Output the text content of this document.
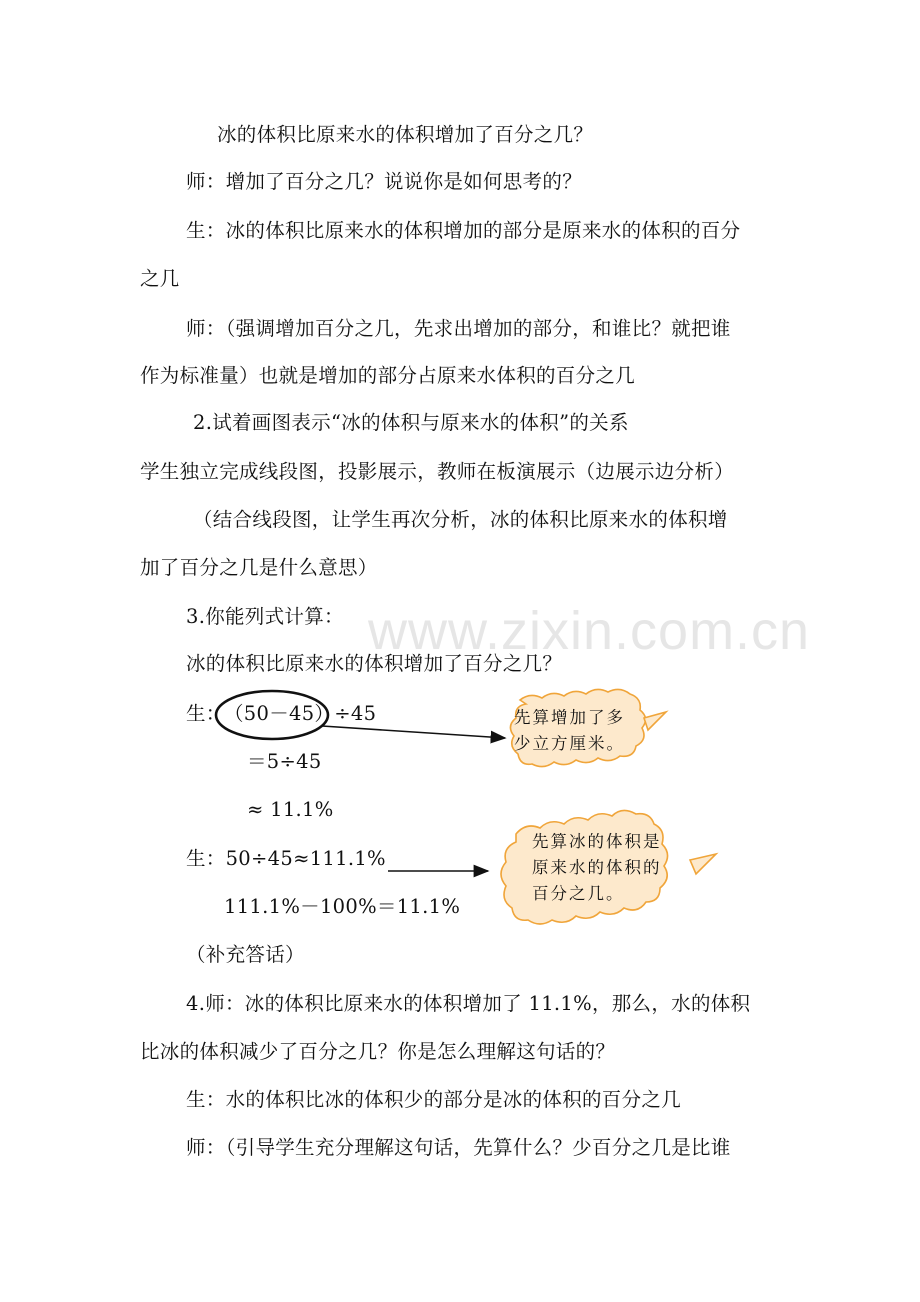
www.zixin.com.cn
冰的体积比原来水的体积增加了百分之几？
师：增加了百分之几？说说你是如何思考的？
生：冰的体积比原来水的体积增加的部分是原来水的体积的百分
之几
师：（强调增加百分之几，先求出增加的部分，和谁比？就把谁
作为标准量）也就是增加的部分占原来水体积的百分之几
2.试着画图表示“冰的体积与原来水的体积”的关系
学生独立完成线段图，投影展示，教师在板演展示（边展示边分析）
（结合线段图，让学生再次分析，冰的体积比原来水的体积增
加了百分之几是什么意思）
3.你能列式计算：
冰的体积比原来水的体积增加了百分之几？
生：
（50－45）÷45
＝5÷45
≈ 11.1%
生：50÷45≈111.1%
111.1%－100%＝11.1%
先算增加了多
少立方厘米。
先算冰的体积是
原来水的体积的
百分之几。
（补充答话）
4.师：冰的体积比原来水的体积增加了 11.1%，那么，水的体积
比冰的体积减少了百分之几？你是怎么理解这句话的？
生：水的体积比冰的体积少的部分是冰的体积的百分之几
师：（引导学生充分理解这句话，先算什么？少百分之几是比谁
